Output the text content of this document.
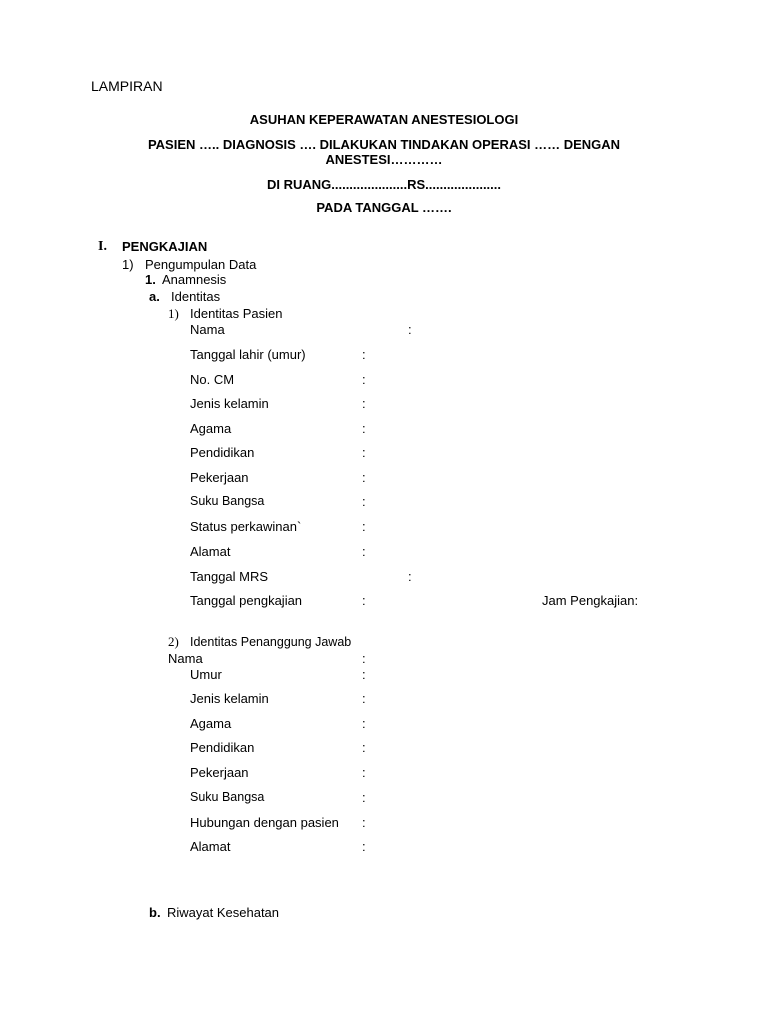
LAMPIRAN
ASUHAN KEPERAWATAN ANESTESIOLOGI
PASIEN ….. DIAGNOSIS …. DILAKUKAN TINDAKAN OPERASI …… DENGAN
ANESTESI…………
DI RUANG.....................RS.....................
PADA TANGGAL …….
I. PENGKAJIAN
1) Pengumpulan Data
1. Anamnesis
a. Identitas
1) Identitas Pasien
Nama	:
Tanggal lahir (umur)	:
No. CM	:
Jenis kelamin	:
Agama	:
Pendidikan	:
Pekerjaan	:
Suku Bangsa	:
Status perkawinan`	:
Alamat	:
Tanggal MRS	:
Tanggal pengkajian	:	Jam Pengkajian:
2) Identitas Penanggung Jawab
Nama	:
Umur	:
Jenis kelamin	:
Agama	:
Pendidikan	:
Pekerjaan	:
Suku Bangsa	:
Hubungan dengan pasien :
Alamat	:
b. Riwayat Kesehatan
